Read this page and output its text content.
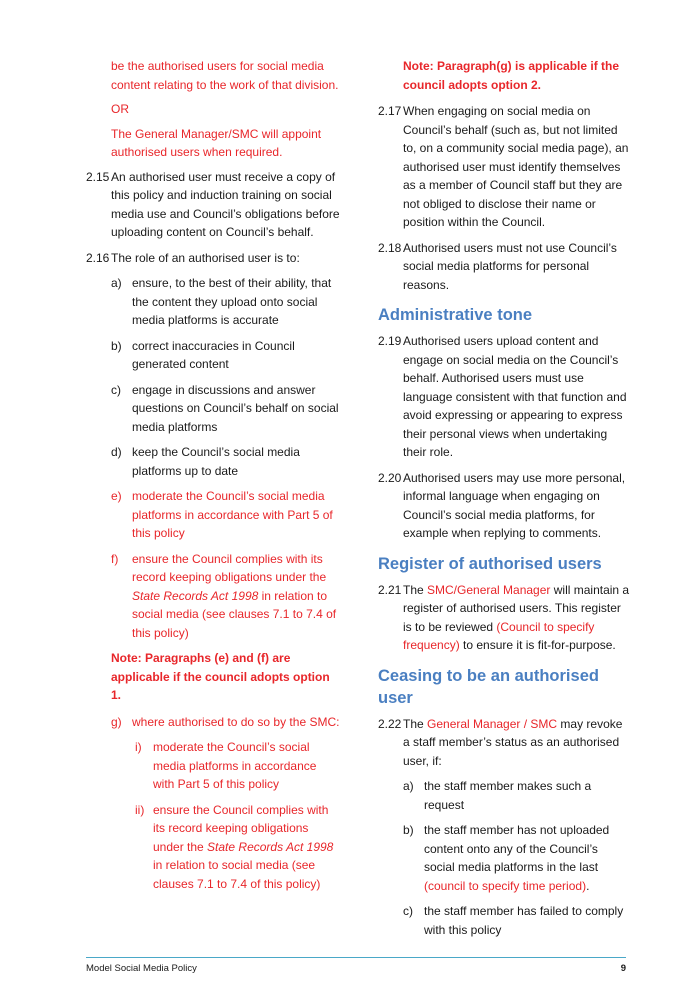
be the authorised users for social media content relating to the work of that division.

OR

The General Manager/SMC will appoint authorised users when required.

2.15 An authorised user must receive a copy of this policy and induction training on social media use and Council’s obligations before uploading content on Council’s behalf.
2.16 The role of an authorised user is to:
a) ensure, to the best of their ability, that the content they upload onto social media platforms is accurate
b) correct inaccuracies in Council generated content
c) engage in discussions and answer questions on Council’s behalf on social media platforms
d) keep the Council’s social media platforms up to date
e) moderate the Council’s social media platforms in accordance with Part 5 of this policy
f) ensure the Council complies with its record keeping obligations under the State Records Act 1998 in relation to social media (see clauses 7.1 to 7.4 of this policy)

Note: Paragraphs (e) and (f) are applicable if the council adopts option 1.

g) where authorised to do so by the SMC:
i) moderate the Council’s social media platforms in accordance with Part 5 of this policy
ii) ensure the Council complies with its record keeping obligations under the State Records Act 1998 in relation to social media (see clauses 7.1 to 7.4 of this policy)

Note: Paragraph(g) is applicable if the council adopts option 2.

2.17 When engaging on social media on Council’s behalf (such as, but not limited to, on a community social media page), an authorised user must identify themselves as a member of Council staff but they are not obliged to disclose their name or position within the Council.
2.18 Authorised users must not use Council’s social media platforms for personal reasons.
Administrative tone
2.19 Authorised users upload content and engage on social media on the Council’s behalf. Authorised users must use language consistent with that function and avoid expressing or appearing to express their personal views when undertaking their role.
2.20 Authorised users may use more personal, informal language when engaging on Council’s social media platforms, for example when replying to comments.
Register of authorised users
2.21 The SMC/General Manager will maintain a register of authorised users. This register is to be reviewed (Council to specify frequency) to ensure it is fit-for-purpose.
Ceasing to be an authorised user
2.22 The General Manager / SMC may revoke a staff member’s status as an authorised user, if:
a) the staff member makes such a request
b) the staff member has not uploaded content onto any of the Council’s social media platforms in the last (council to specify time period).
c) the staff member has failed to comply with this policy
Model Social Media Policy	9
